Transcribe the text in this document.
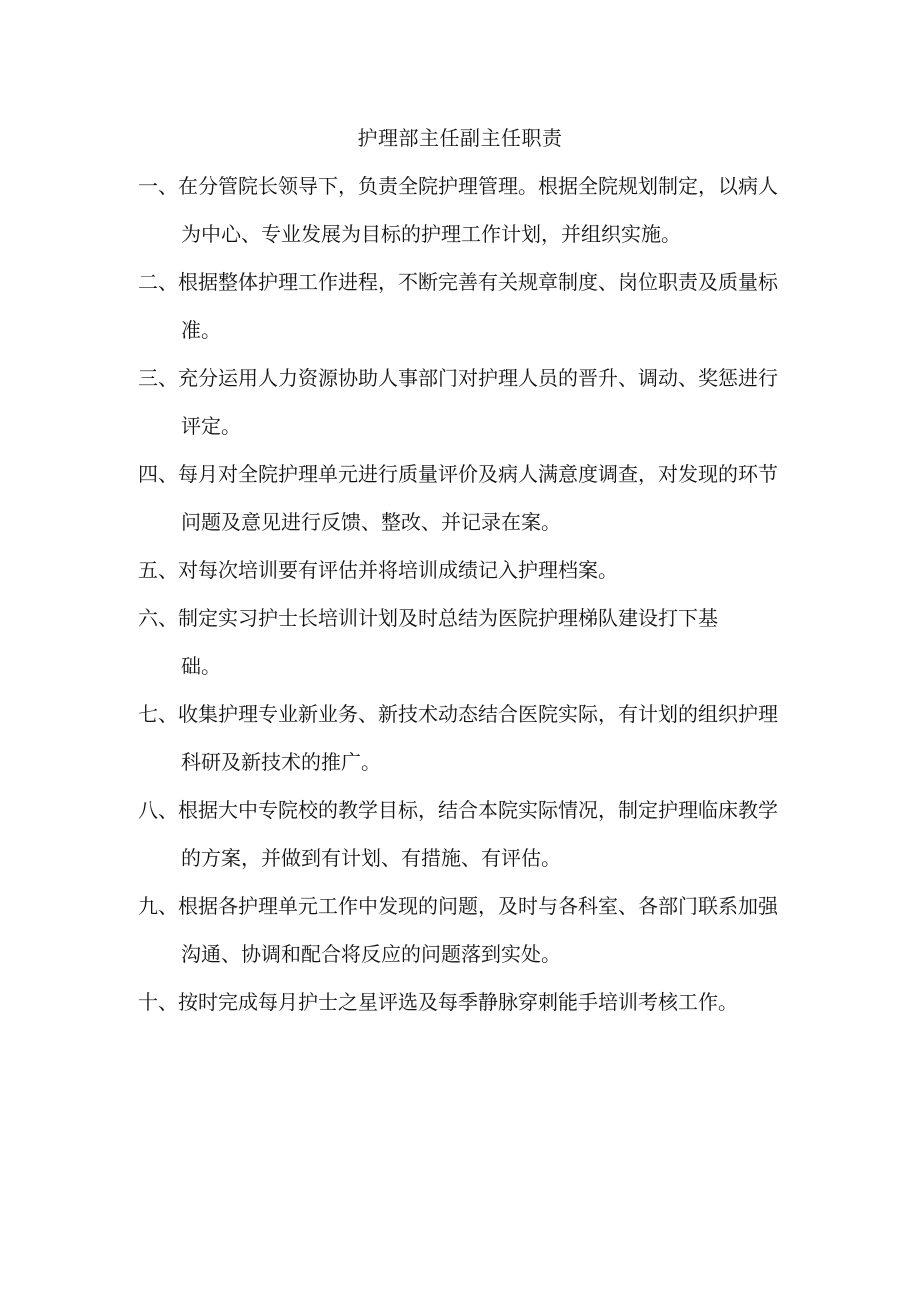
护理部主任副主任职责
一、在分管院长领导下，负责全院护理管理。根据全院规划制定，以病人
为中心、专业发展为目标的护理工作计划，并组织实施。
二、根据整体护理工作进程，不断完善有关规章制度、岗位职责及质量标
准。
三、充分运用人力资源协助人事部门对护理人员的晋升、调动、奖惩进行
评定。
四、每月对全院护理单元进行质量评价及病人满意度调查，对发现的环节
问题及意见进行反馈、整改、并记录在案。
五、对每次培训要有评估并将培训成绩记入护理档案。
六、制定实习护士长培训计划及时总结为医院护理梯队建设打下基
础。
七、收集护理专业新业务、新技术动态结合医院实际，有计划的组织护理
科研及新技术的推广。
八、根据大中专院校的教学目标，结合本院实际情况，制定护理临床教学
的方案，并做到有计划、有措施、有评估。
九、根据各护理单元工作中发现的问题，及时与各科室、各部门联系加强
沟通、协调和配合将反应的问题落到实处。
十、按时完成每月护士之星评选及每季静脉穿刺能手培训考核工作。
